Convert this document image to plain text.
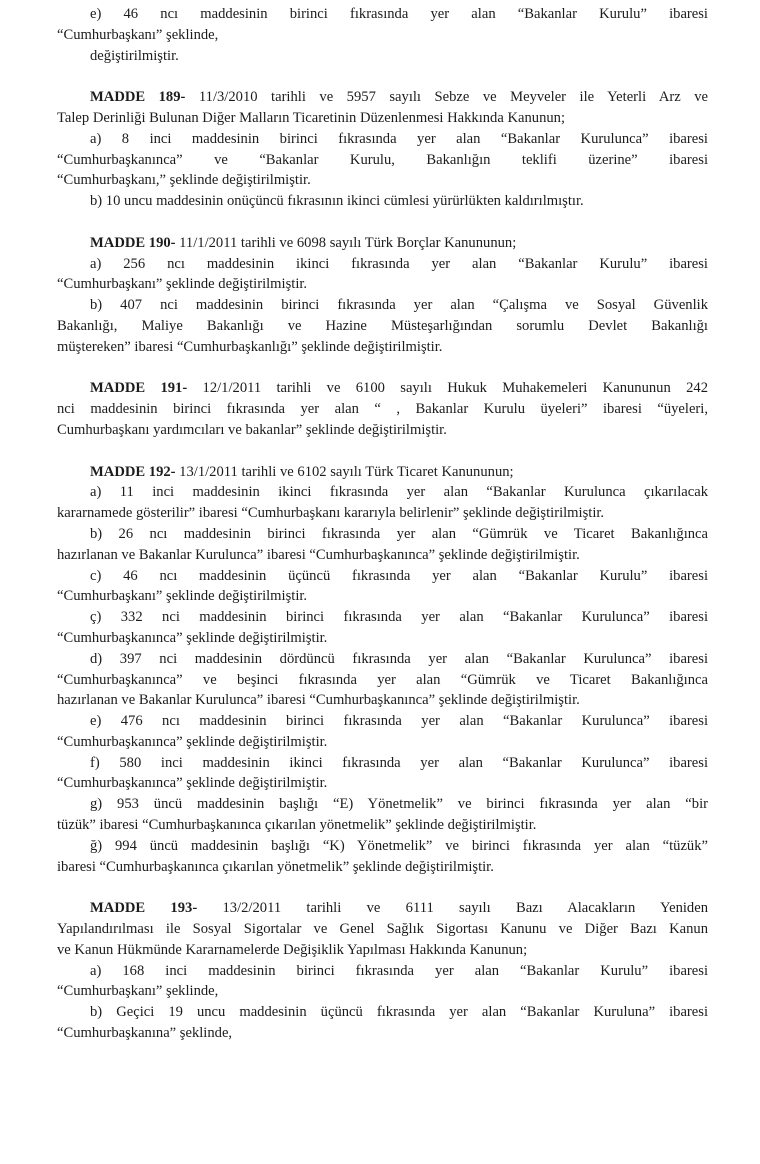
e) 46 ncı maddesinin birinci fıkrasında yer alan “Bakanlar Kurulu” ibaresi
“Cumhurbaşkanı” şeklinde,
değiştirilmiştir.
MADDE 189- 11/3/2010 tarihli ve 5957 sayılı Sebze ve Meyveler ile Yeterli Arz ve
Talep Derinliği Bulunan Diğer Malların Ticaretinin Düzenlenmesi Hakkında Kanunun;
a) 8 inci maddesinin birinci fıkrasında yer alan “Bakanlar Kurulunca” ibaresi
“Cumhurbaşkanınca” ve “Bakanlar Kurulu, Bakanlığın teklifi üzerine” ibaresi
“Cumhurbaşkanı,” şeklinde değiştirilmiştir.
b) 10 uncu maddesinin onüçüncü fıkrasının ikinci cümlesi yürürlükten kaldırılmıştır.
MADDE 190- 11/1/2011 tarihli ve 6098 sayılı Türk Borçlar Kanununun;
a) 256 ncı maddesinin ikinci fıkrasında yer alan “Bakanlar Kurulu” ibaresi
“Cumhurbaşkanı” şeklinde değiştirilmiştir.
b) 407 nci maddesinin birinci fıkrasında yer alan “Çalışma ve Sosyal Güvenlik
Bakanlığı, Maliye Bakanlığı ve Hazine Müsteşarlığından sorumlu Devlet Bakanlığı
müştereken” ibaresi “Cumhurbaşkanlığı” şeklinde değiştirilmiştir.
MADDE 191- 12/1/2011 tarihli ve 6100 sayılı Hukuk Muhakemeleri Kanununun 242
nci maddesinin birinci fıkrasında yer alan “ , Bakanlar Kurulu üyeleri” ibaresi “üyeleri,
Cumhurbaşkanı yardımcıları ve bakanlar” şeklinde değiştirilmiştir.
MADDE 192- 13/1/2011 tarihli ve 6102 sayılı Türk Ticaret Kanununun;
a) 11 inci maddesinin ikinci fıkrasında yer alan “Bakanlar Kurulunca çıkarılacak
kararnamede gösterilir” ibaresi “Cumhurbaşkanı kararıyla belirlenir” şeklinde değiştirilmiştir.
b) 26 ncı maddesinin birinci fıkrasında yer alan “Gümrük ve Ticaret Bakanlığınca
hazırlanan ve Bakanlar Kurulunca” ibaresi “Cumhurbaşkanınca” şeklinde değiştirilmiştir.
c) 46 ncı maddesinin üçüncü fıkrasında yer alan “Bakanlar Kurulu” ibaresi
“Cumhurbaşkanı” şeklinde değiştirilmiştir.
ç) 332 nci maddesinin birinci fıkrasında yer alan “Bakanlar Kurulunca” ibaresi
“Cumhurbaşkanınca” şeklinde değiştirilmiştir.
d) 397 nci maddesinin dördüncü fıkrasında yer alan “Bakanlar Kurulunca” ibaresi
“Cumhurbaşkanınca” ve beşinci fıkrasında yer alan “Gümrük ve Ticaret Bakanlığınca
hazırlanan ve Bakanlar Kurulunca” ibaresi “Cumhurbaşkanınca” şeklinde değiştirilmiştir.
e) 476 ncı maddesinin birinci fıkrasında yer alan “Bakanlar Kurulunca” ibaresi
“Cumhurbaşkanınca” şeklinde değiştirilmiştir.
f) 580 inci maddesinin ikinci fıkrasında yer alan “Bakanlar Kurulunca” ibaresi
“Cumhurbaşkanınca” şeklinde değiştirilmiştir.
g) 953 üncü maddesinin başlığı “E) Yönetmelik” ve birinci fıkrasında yer alan “bir
tüzük” ibaresi “Cumhurbaşkanınca çıkarılan yönetmelik” şeklinde değiştirilmiştir.
ğ) 994 üncü maddesinin başlığı “K) Yönetmelik” ve birinci fıkrasında yer alan “tüzük”
ibaresi “Cumhurbaşkanınca çıkarılan yönetmelik” şeklinde değiştirilmiştir.
MADDE 193- 13/2/2011 tarihli ve 6111 sayılı Bazı Alacakların Yeniden
Yapılandırılması ile Sosyal Sigortalar ve Genel Sağlık Sigortası Kanunu ve Diğer Bazı Kanun
ve Kanun Hükmünde Kararnamelerde Değişiklik Yapılması Hakkında Kanunun;
a) 168 inci maddesinin birinci fıkrasında yer alan “Bakanlar Kurulu” ibaresi
“Cumhurbaşkanı” şeklinde,
b) Geçici 19 uncu maddesinin üçüncü fıkrasında yer alan “Bakanlar Kuruluna” ibaresi
“Cumhurbaşkanına” şeklinde,
